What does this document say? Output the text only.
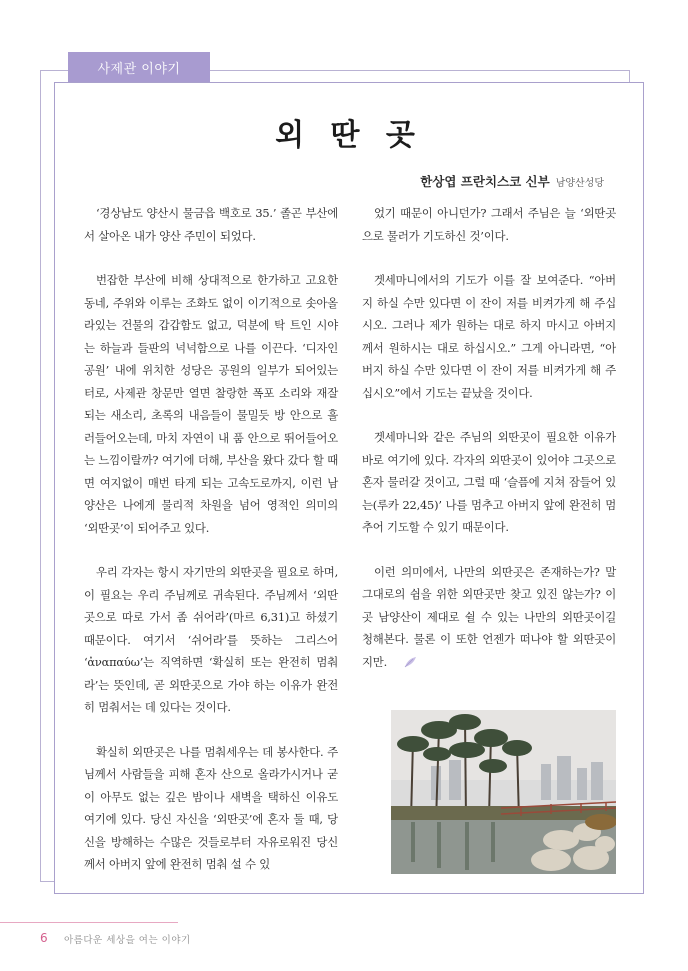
사제관 이야기
외 딴 곳
한상엽 프란치스코 신부 남양산성당

‘경상남도 양산시 물금읍 백호로 35.’ 졸곤 부산에서 살아온 내가 양산 주민이 되었다.

번잡한 부산에 비해 상대적으로 한가하고 고요한 동네, 주위와 이루는 조화도 없이 이기적으로 솟아올라있는 건물의 갑갑함도 없고, 덕분에 탁 트인 시야는 하늘과 들판의 넉넉함으로 나를 이끈다. ‘디자인 공원’ 내에 위치한 성당은 공원의 일부가 되어있는 터로, 사제관 창문만 열면 찰랑한 폭포 소리와 재잘되는 새소리, 초록의 내음들이 물밀듯 방 안으로 흘러들어오는데, 마치 자연이 내 품 안으로 뛰어들어오는 느낌이랄까? 여기에 더해, 부산을 왔다 갔다 할 때면 여지없이 매번 타게 되는 고속도로까지, 이런 남양산은 나에게 물리적 차원을 넘어 영적인 의미의 ‘외딴곳’이 되어주고 있다.

우리 각자는 항시 자기만의 외딴곳을 필요로 하며, 이 필요는 우리 주님께로 귀속된다. 주님께서 ‘외딴곳으로 따로 가서 좀 쉬어라’(마르 6,31)고 하셨기 때문이다. 여기서 ‘쉬어라’를 뜻하는 그리스어 ‘ἀναπαύω’는 직역하면 ‘확실히 또는 완전히 멈춰라’는 뜻인데, 곧 외딴곳으로 가야 하는 이유가 완전히 멈춰서는 데 있다는 것이다.

확실히 외딴곳은 나를 멈춰세우는 데 봉사한다. 주님께서 사람들을 피해 혼자 산으로 올라가시거나 굳이 아무도 없는 깊은 밤이나 새벽을 택하신 이유도 여기에 있다. 당신 자신을 ‘외딴곳’에 혼자 둘 때, 당신을 방해하는 수많은 것들로부터 자유로워진 당신께서 아버지 앞에 완전히 멈춰 설 수 있

었기 때문이 아니던가? 그래서 주님은 늘 ‘외딴곳으로 물러가 기도하신 것’이다.

겟세마니에서의 기도가 이를 잘 보여준다. “아버지 하실 수만 있다면 이 잔이 저를 비켜가게 해 주십시오. 그러나 제가 원하는 대로 하지 마시고 아버지께서 원하시는 대로 하십시오.” 그게 아니라면, “아버지 하실 수만 있다면 이 잔이 저를 비켜가게 해 주십시오”에서 기도는 끝났을 것이다.

겟세마니와 같은 주님의 외딴곳이 필요한 이유가 바로 여기에 있다. 각자의 외딴곳이 있어야 그곳으로 혼자 물러갈 것이고, 그럴 때 ‘슬픔에 지쳐 잠들어 있는(루카 22,45)’ 나를 멈추고 아버지 앞에 완전히 멈추어 기도할 수 있기 때문이다.

이런 의미에서, 나만의 외딴곳은 존재하는가? 말 그대로의 쉼을 위한 외딴곳만 찾고 있진 않는가? 이곳 남양산이 제대로 쉴 수 있는 나만의 외딴곳이길 청해본다. 물론 이 또한 언젠가 떠나야 할 외딴곳이지만.

6 아름다운 세상을 여는 이야기
